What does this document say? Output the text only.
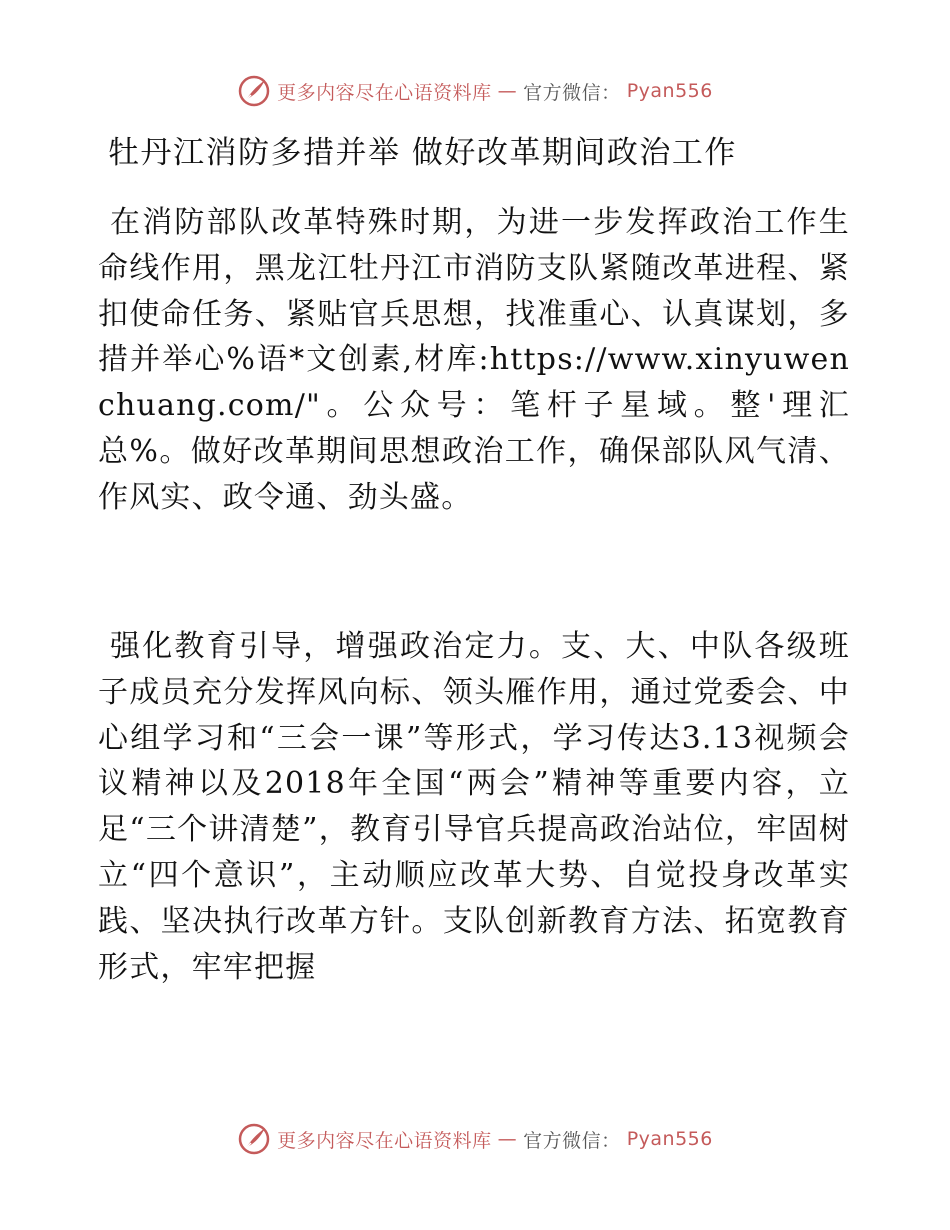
更多内容尽在心语资料库 — 官方微信： Pyan556
牡丹江消防多措并举 做好改革期间政治工作

在消防部队改革特殊时期，为进一步发挥政治工作生命线作用，黑龙江牡丹江市消防支队紧随改革进程、紧扣使命任务、紧贴官兵思想，找准重心、认真谋划，多措并举心%语*文创素,材库:https://www.xinyuwenchuang.com/"。公众号：笔杆子星域。整'理汇总%。做好改革期间思想政治工作，确保部队风气清、作风实、政令通、劲头盛。

强化教育引导，增强政治定力。支、大、中队各级班子成员充分发挥风向标、领头雁作用，通过党委会、中心组学习和“三会一课”等形式，学习传达3.13视频会议精神以及2018年全国“两会”精神等重要内容，立足“三个讲清楚”，教育引导官兵提高政治站位，牢固树立“四个意识”，主动顺应改革大势、自觉投身改革实践、坚决执行改革方针。支队创新教育方法、拓宽教育形式，牢牢把握

更多内容尽在心语资料库 — 官方微信： Pyan556
